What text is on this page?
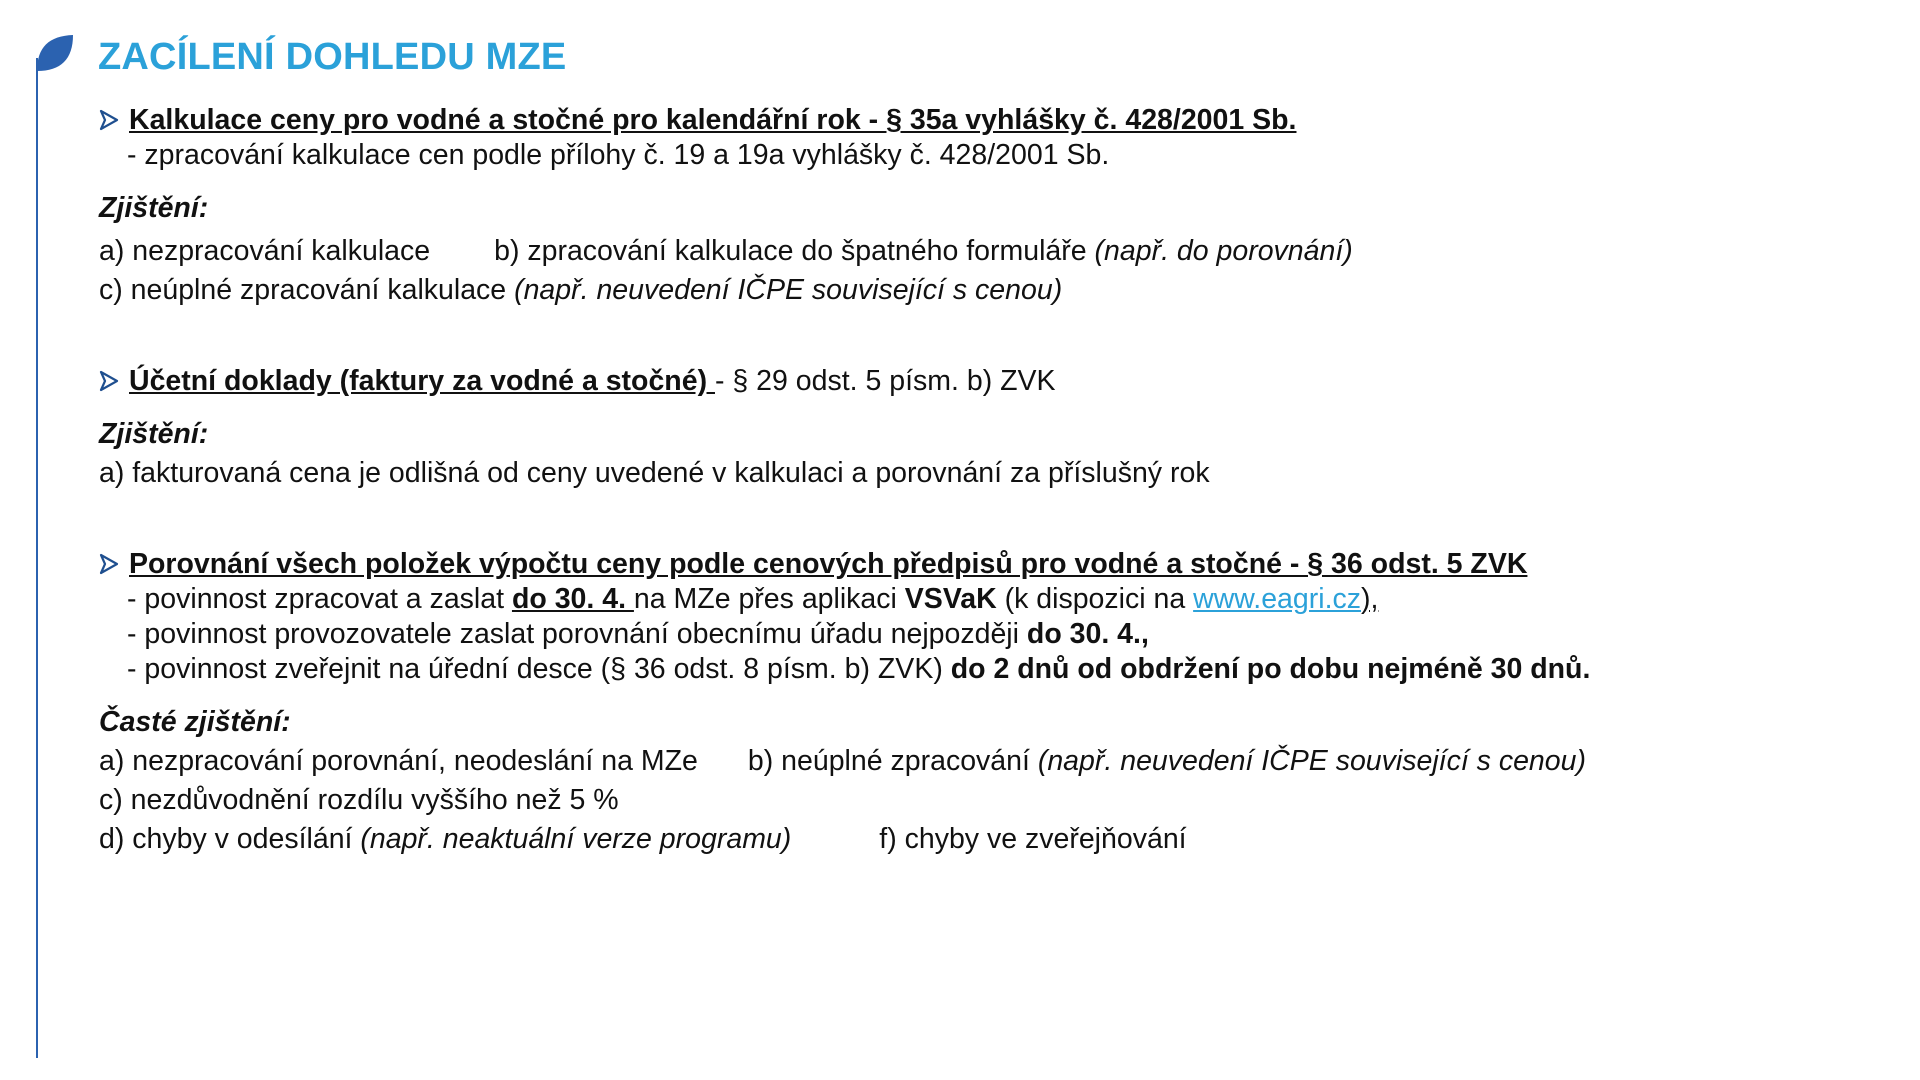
ZACÍLENÍ DOHLEDU MZE
Kalkulace ceny pro vodné a stočné pro kalendářní rok - § 35a vyhlášky č. 428/2001 Sb.
- zpracování kalkulace cen podle přílohy č. 19 a 19a vyhlášky č. 428/2001 Sb.
Zjištění:
a) nezpracování kalkulace b) zpracování kalkulace do špatného formuláře (např. do porovnání)
c) neúplné zpracování kalkulace (např. neuvedení IČPE související s cenou)
Účetní doklady (faktury za vodné a stočné) - § 29 odst. 5 písm. b) ZVK
Zjištění:
a) fakturovaná cena je odlišná od ceny uvedené v kalkulaci a porovnání za příslušný rok
Porovnání všech položek výpočtu ceny podle cenových předpisů pro vodné a stočné - § 36 odst. 5 ZVK
- povinnost zpracovat a zaslat do 30. 4. na MZe přes aplikaci VSVaK (k dispozici na www.eagri.cz),
- povinnost provozovatele zaslat porovnání obecnímu úřadu nejpozději do 30. 4.,
- povinnost zveřejnit na úřední desce (§ 36 odst. 8 písm. b) ZVK) do 2 dnů od obdržení po dobu nejméně 30 dnů.
Časté zjištění:
a) nezpracování porovnání, neodeslání na MZe b) neúplné zpracování (např. neuvedení IČPE související s cenou)
c) nezdůvodnění rozdílu vyššího než 5 %
d) chyby v odesílání (např. neaktuální verze programu)	f) chyby ve zveřejňování
